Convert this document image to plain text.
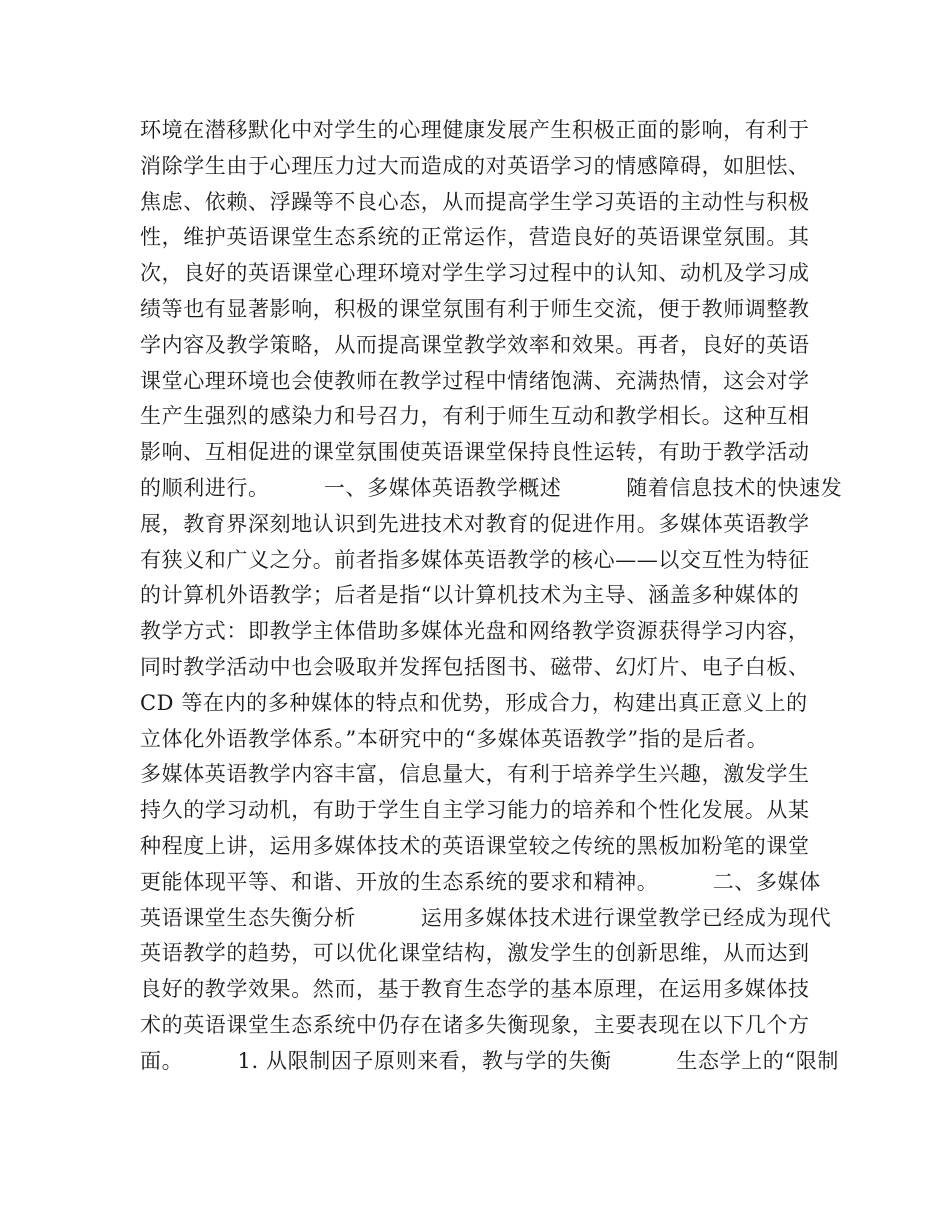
环境在潜移默化中对学生的心理健康发展产生积极正面的影响，有利于
消除学生由于心理压力过大而造成的对英语学习的情感障碍，如胆怯、
焦虑、依赖、浮躁等不良心态，从而提高学生学习英语的主动性与积极
性，维护英语课堂生态系统的正常运作，营造良好的英语课堂氛围。其
次，良好的英语课堂心理环境对学生学习过程中的认知、动机及学习成
绩等也有显著影响，积极的课堂氛围有利于师生交流，便于教师调整教
学内容及教学策略，从而提高课堂教学效率和效果。再者，良好的英语
课堂心理环境也会使教师在教学过程中情绪饱满、充满热情，这会对学
生产生强烈的感染力和号召力，有利于师生互动和教学相长。这种互相
影响、互相促进的课堂氛围使英语课堂保持良性运转，有助于教学活动
的顺利进行。　　　一、多媒体英语教学概述　　　随着信息技术的快速发
展，教育界深刻地认识到先进技术对教育的促进作用。多媒体英语教学
有狭义和广义之分。前者指多媒体英语教学的核心——以交互性为特征
的计算机外语教学；后者是指“以计算机技术为主导、涵盖多种媒体的
教学方式：即教学主体借助多媒体光盘和网络教学资源获得学习内容，
同时教学活动中也会吸取并发挥包括图书、磁带、幻灯片、电子白板、
CD 等在内的多种媒体的特点和优势，形成合力，构建出真正意义上的
立体化外语教学体系。”本研究中的“多媒体英语教学”指的是后者。
多媒体英语教学内容丰富，信息量大，有利于培养学生兴趣，激发学生
持久的学习动机，有助于学生自主学习能力的培养和个性化发展。从某
种程度上讲，运用多媒体技术的英语课堂较之传统的黑板加粉笔的课堂
更能体现平等、和谐、开放的生态系统的要求和精神。　　　二、多媒体
英语课堂生态失衡分析　　　运用多媒体技术进行课堂教学已经成为现代
英语教学的趋势，可以优化课堂结构，激发学生的创新思维，从而达到
良好的教学效果。然而，基于教育生态学的基本原理，在运用多媒体技
术的英语课堂生态系统中仍存在诸多失衡现象，主要表现在以下几个方
面。　　　1. 从限制因子原则来看，教与学的失衡　　　生态学上的“限制
